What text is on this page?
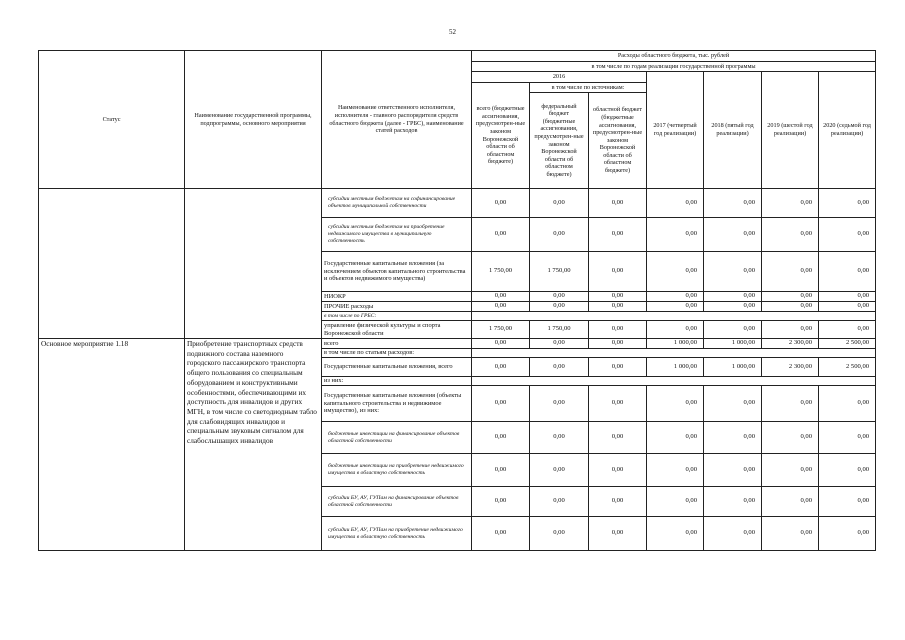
52
Статус	Наименование государственной программы, подпрограммы, основного мероприятия	Наименование ответственного исполнителя, исполнителя - главного распорядителя средств областного бюджета (далее - ГРБС), наименование статей расходов	Расходы областного бюджета, тыс. рублей						
			в том числе по годам реализации государственной программы						
			2016			2017 (четвертый год реализации)	2018 (пятый год реализации)	2019 (шестой год реализации)	2020 (седьмой год реализации)
			всего (бюджетные ассигнования, предусмотрен-ные законом Воронежской области об областном бюджете)	в том числе по источникам:					
				федеральный бюджет (бюджетные ассигнования, предусмотрен-ные законом Воронежской области об областном бюджете)	областной бюджет (бюджетные ассигнования, предусмотрен-ные законом Воронежской области об областном бюджете)				
		субсидии местным бюджетам на софинансирование объектов муниципальной собственности	0,00	0,00	0,00	0,00	0,00	0,00	0,00
		субсидии местным бюджетам на приобретение недвижимого имущества в муниципальную собственность	0,00	0,00	0,00	0,00	0,00	0,00	0,00
		Государственные капитальные вложения (за исключением объектов капитального строительства и объектов недвижимого имущества)	1 750,00	1 750,00	0,00	0,00	0,00	0,00	0,00
		НИОКР	0,00	0,00	0,00	0,00	0,00	0,00	0,00
		ПРОЧИЕ расходы	0,00	0,00	0,00	0,00	0,00	0,00	0,00
		в том числе по ГРБС:							
		управление физической культуры и спорта Воронежской области	1 750,00	1 750,00	0,00	0,00	0,00	0,00	0,00
Основное мероприятие 1.18	Приобретение транспортных средств подвижного состава наземного городского пассажирского транспорта общего пользования со специальным оборудованием и конструктивными особенностями, обеспечивающими их доступность для инвалидов и других МГН, в том числе со светодиодным табло для слабовидящих инвалидов и специальным звуковым сигналом для слабослышащих инвалидов	всего	0,00	0,00	0,00	1 000,00	1 000,00	2 300,00	2 500,00
		в том числе по статьям расходов:							
		Государственные капитальные вложения, всего	0,00	0,00	0,00	1 000,00	1 000,00	2 300,00	2 500,00
		из них:							
		Государственные капитальные вложения (объекты капитального строительства и недвижимое имущество), из них:	0,00	0,00	0,00	0,00	0,00	0,00	0,00
		бюджетные инвестиции на финансирование объектов областной собственности	0,00	0,00	0,00	0,00	0,00	0,00	0,00
		бюджетные инвестиции на приобретение недвижимого имущества в областную собственность	0,00	0,00	0,00	0,00	0,00	0,00	0,00
		субсидии БУ, АУ, ГУПам на финансирование объектов областной собственности	0,00	0,00	0,00	0,00	0,00	0,00	0,00
		субсидии БУ, АУ, ГУПам на приобретение недвижимого имущества в областную собственность	0,00	0,00	0,00	0,00	0,00	0,00	0,00
